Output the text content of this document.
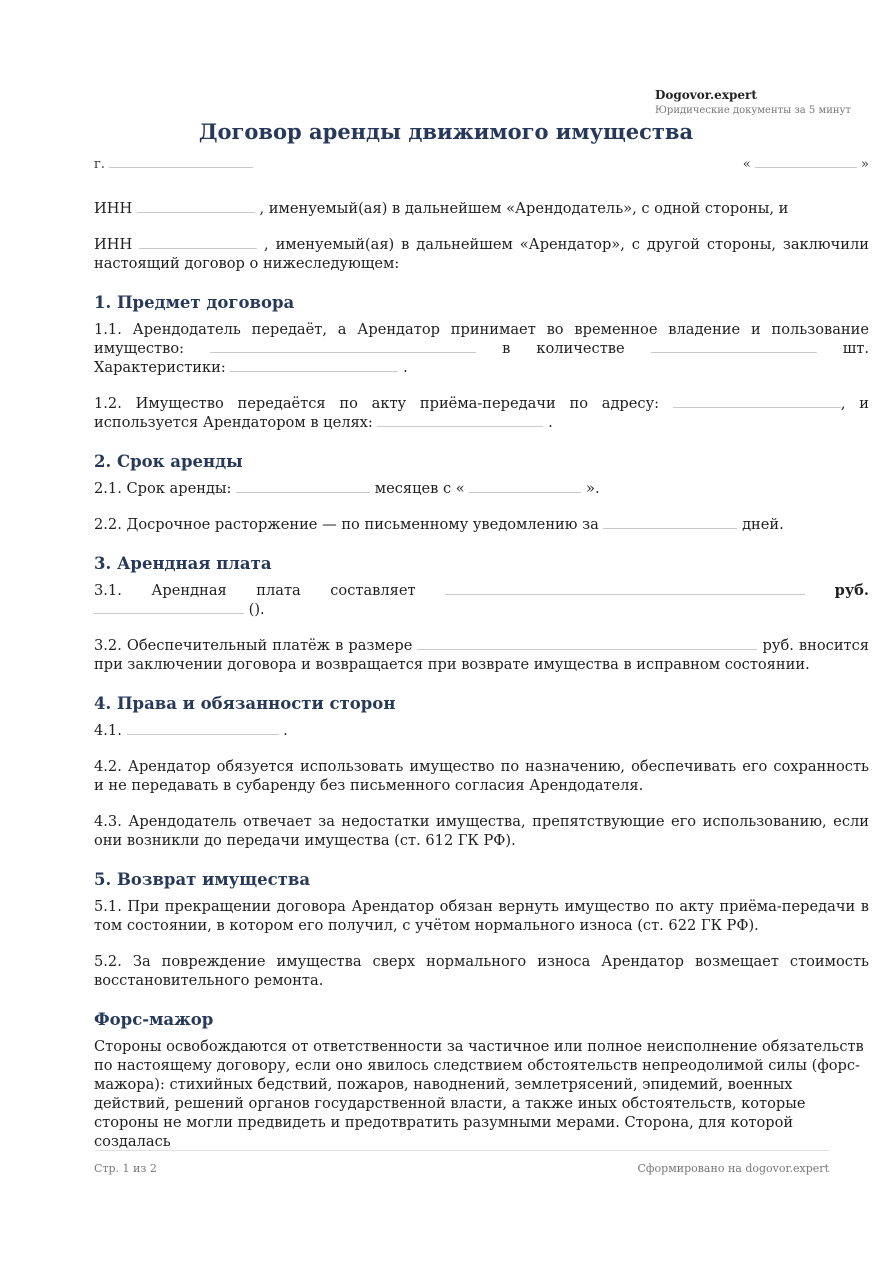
Dogovor.expert
Юридические документы за 5 минут
Договор аренды движимого имущества
г.	«	»

ИНН	, именуемый(ая) в дальнейшем «Арендодатель», с одной стороны, и

ИНН	, именуемый(ая) в дальнейшем «Арендатор», с другой стороны, заключили настоящий договор о нижеследующем:

1. Предмет договора

1.1. Арендодатель передаёт, а Арендатор принимает во временное владение и пользование имущество:	в количестве	шт. Характеристики:	.

1.2. Имущество передаётся по акту приёма-передачи по адресу:	, и используется Арендатором в целях:	.

2. Срок аренды

2.1. Срок аренды:	месяцев с «	».

2.2. Досрочное расторжение — по письменному уведомлению за	дней.

3. Арендная плата

3.1. Арендная плата составляет	руб.  ().

3.2. Обеспечительный платёж в размере	руб. вносится при заключении договора и возвращается при возврате имущества в исправном состоянии.

4. Права и обязанности сторон

4.1.	.

4.2. Арендатор обязуется использовать имущество по назначению, обеспечивать его сохранность и не передавать в субаренду без письменного согласия Арендодателя.

4.3. Арендодатель отвечает за недостатки имущества, препятствующие его использованию, если они возникли до передачи имущества (ст. 612 ГК РФ).

5. Возврат имущества

5.1. При прекращении договора Арендатор обязан вернуть имущество по акту приёма-передачи в том состоянии, в котором его получил, с учётом нормального износа (ст. 622 ГК РФ).

5.2. За повреждение имущества сверх нормального износа Арендатор возмещает стоимость восстановительного ремонта.

Форс-мажор

Стороны освобождаются от ответственности за частичное или полное неисполнение обязательств по настоящему договору, если оно явилось следствием обстоятельств непреодолимой силы (форс-мажора): стихийных бедствий, пожаров, наводнений, землетрясений, эпидемий, военных действий, решений органов государственной власти, а также иных обстоятельств, которые стороны не могли предвидеть и предотвратить разумными мерами. Сторона, для которой создалась

Стр. 1 из 2	Сформировано на dogovor.expert
